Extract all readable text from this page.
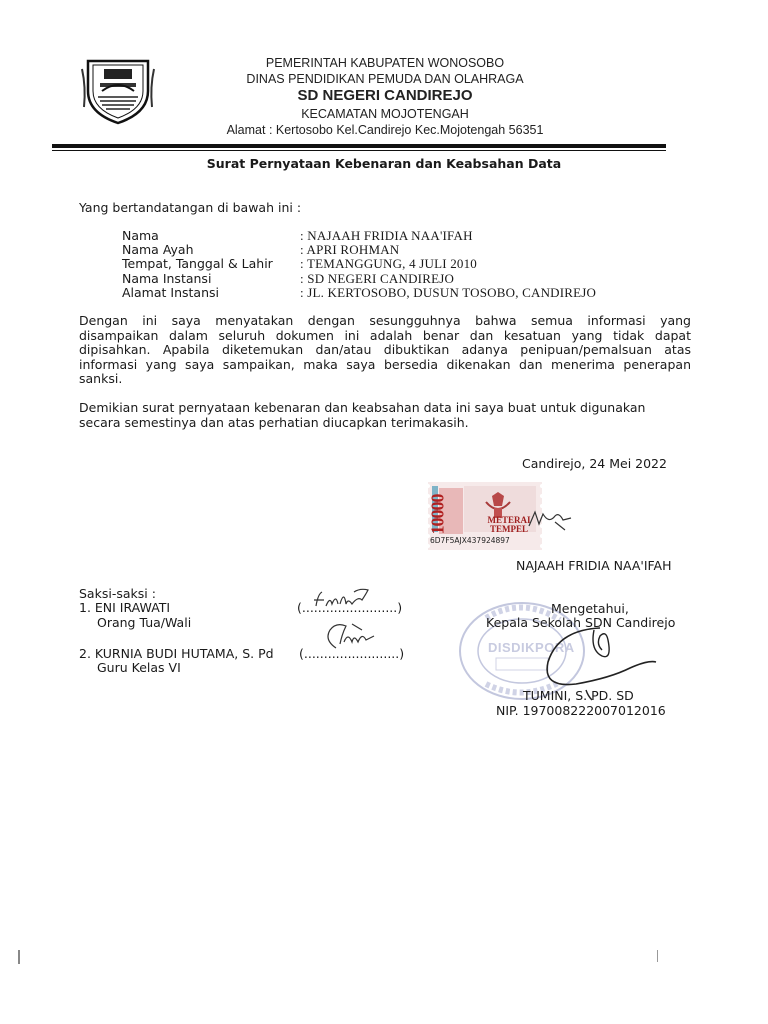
PEMERINTAH KABUPATEN WONOSOBO
DINAS PENDIDIKAN PEMUDA DAN OLAHRAGA
SD NEGERI CANDIREJO
KECAMATAN MOJOTENGAH
Alamat : Kertosobo Kel.Candirejo Kec.Mojotengah 56351
Surat Pernyataan Kebenaran dan Keabsahan Data
Yang bertandatangan di bawah ini :
Nama	: NAJAAH FRIDIA NAA'IFAH
Nama Ayah	: APRI ROHMAN
Tempat, Tanggal & Lahir : TEMANGGUNG, 4 JULI 2010
Nama Instansi	: SD NEGERI CANDIREJO
Alamat Instansi	: JL. KERTOSOBO, DUSUN TOSOBO, CANDIREJO
Dengan ini saya menyatakan dengan sesungguhnya bahwa semua informasi yang
disampaikan dalam seluruh dokumen ini adalah benar dan kesatuan yang tidak dapat
dipisahkan. Apabila diketemukan dan/atau dibuktikan adanya penipuan/pemalsuan atas
informasi yang saya sampaikan, maka saya bersedia dikenakan dan menerima penerapan
sanksi.
Demikian surat pernyataan kebenaran dan keabsahan data ini saya buat untuk digunakan
secara semestinya dan atas perhatian diucapkan terimakasih.
Candirejo, 24 Mei 2022
10000	METERAI TEMPEL
6D7F5AJX437924897
NAJAAH FRIDIA NAA'IFAH
Saksi-saksi :
1. ENI IRAWATI
Orang Tua/Wali
(........................)
2. KURNIA BUDI HUTAMA, S. Pd
Guru Kelas VI
(........................)	DISDIKPORA
Mengetahui,
Kepala Sekolah SDN Candirejo
TUMINI, S. PD. SD
NIP. 197008222007012016
